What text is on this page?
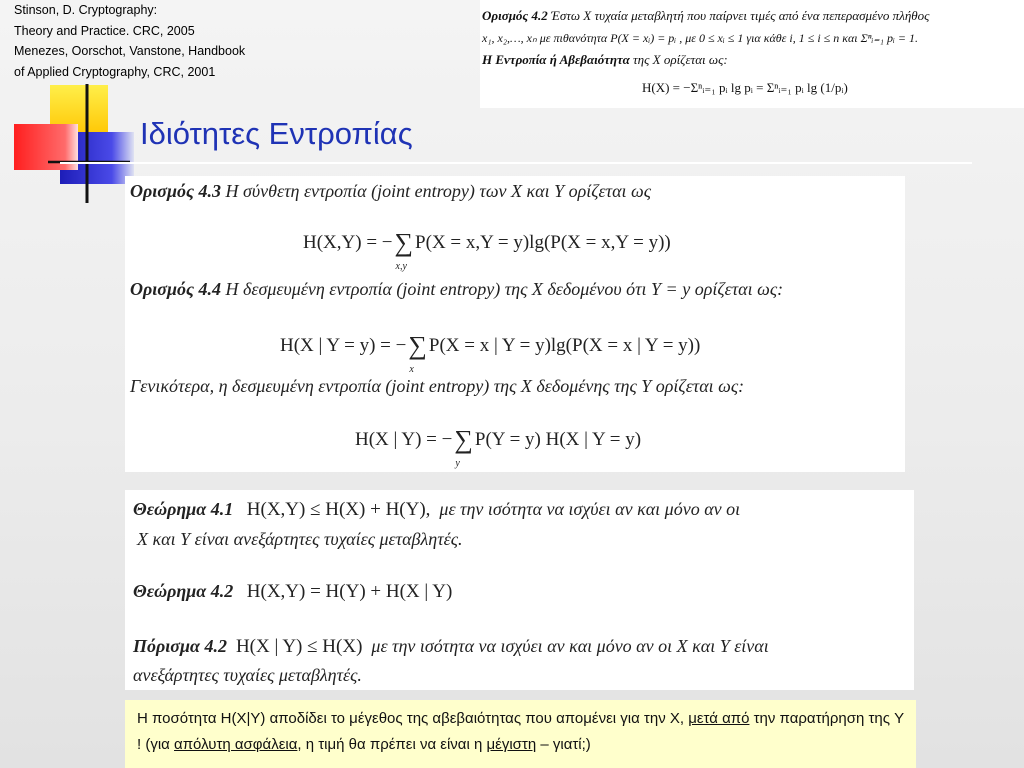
Stinson, D. Cryptography:
Theory and Practice. CRC, 2005
Menezes, Oorschot, Vanstone, Handbook
of Applied Cryptography, CRC, 2001
Ορισμός 4.2 Έστω X τυχαία μεταβλητή που παίρνει τιμές από ένα πεπερασμένο πλήθος
x₁, x₂,…, xₙ με πιθανότητα P(X = xᵢ) = pᵢ , με 0 ≤ xᵢ ≤ 1 για κάθε i, 1 ≤ i ≤ n και Σⁿᵢ₌₁ pᵢ = 1.
Η Εντροπία ή Αβεβαιότητα της X ορίζεται ως:
H(X) = −Σⁿᵢ₌₁ pᵢ lg pᵢ = Σⁿᵢ₌₁ pᵢ lg (1/pᵢ)
Ιδιότητες Εντροπίας
Ορισμός 4.3 Η σύνθετη εντροπία (joint entropy) των X και Y ορίζεται ως
H(X,Y) = −∑
x,y
P(X = x,Y = y)lg(P(X = x,Y = y))
Ορισμός 4.4 Η δεσμευμένη εντροπία (joint entropy) της X δεδομένου ότι Y = y ορίζεται ως:
H(X | Y = y) = −∑
x
P(X = x | Y = y)lg(P(X = x | Y = y))
Γενικότερα, η δεσμευμένη εντροπία (joint entropy) της X δεδομένης της Y ορίζεται ως:
H(X | Y) = −∑
y
P(Y = y) H(X | Y = y)
Θεώρημα 4.1 H(X,Y) ≤ H(X) + H(Y), με την ισότητα να ισχύει αν και μόνο αν οι
X και Y είναι ανεξάρτητες τυχαίες μεταβλητές.
Θεώρημα 4.2 H(X,Y) = H(Y) + H(X | Y)
Πόρισμα 4.2 H(X | Y) ≤ H(X) με την ισότητα να ισχύει αν και μόνο αν οι X και Y είναι
ανεξάρτητες τυχαίες μεταβλητές.
Η ποσότητα H(X|Y) αποδίδει το μέγεθος της αβεβαιότητας που απομένει για την X, μετά από την παρατήρηση της Y ! (για απόλυτη ασφάλεια, η τιμή θα πρέπει να είναι η μέγιστη – γιατί;)
